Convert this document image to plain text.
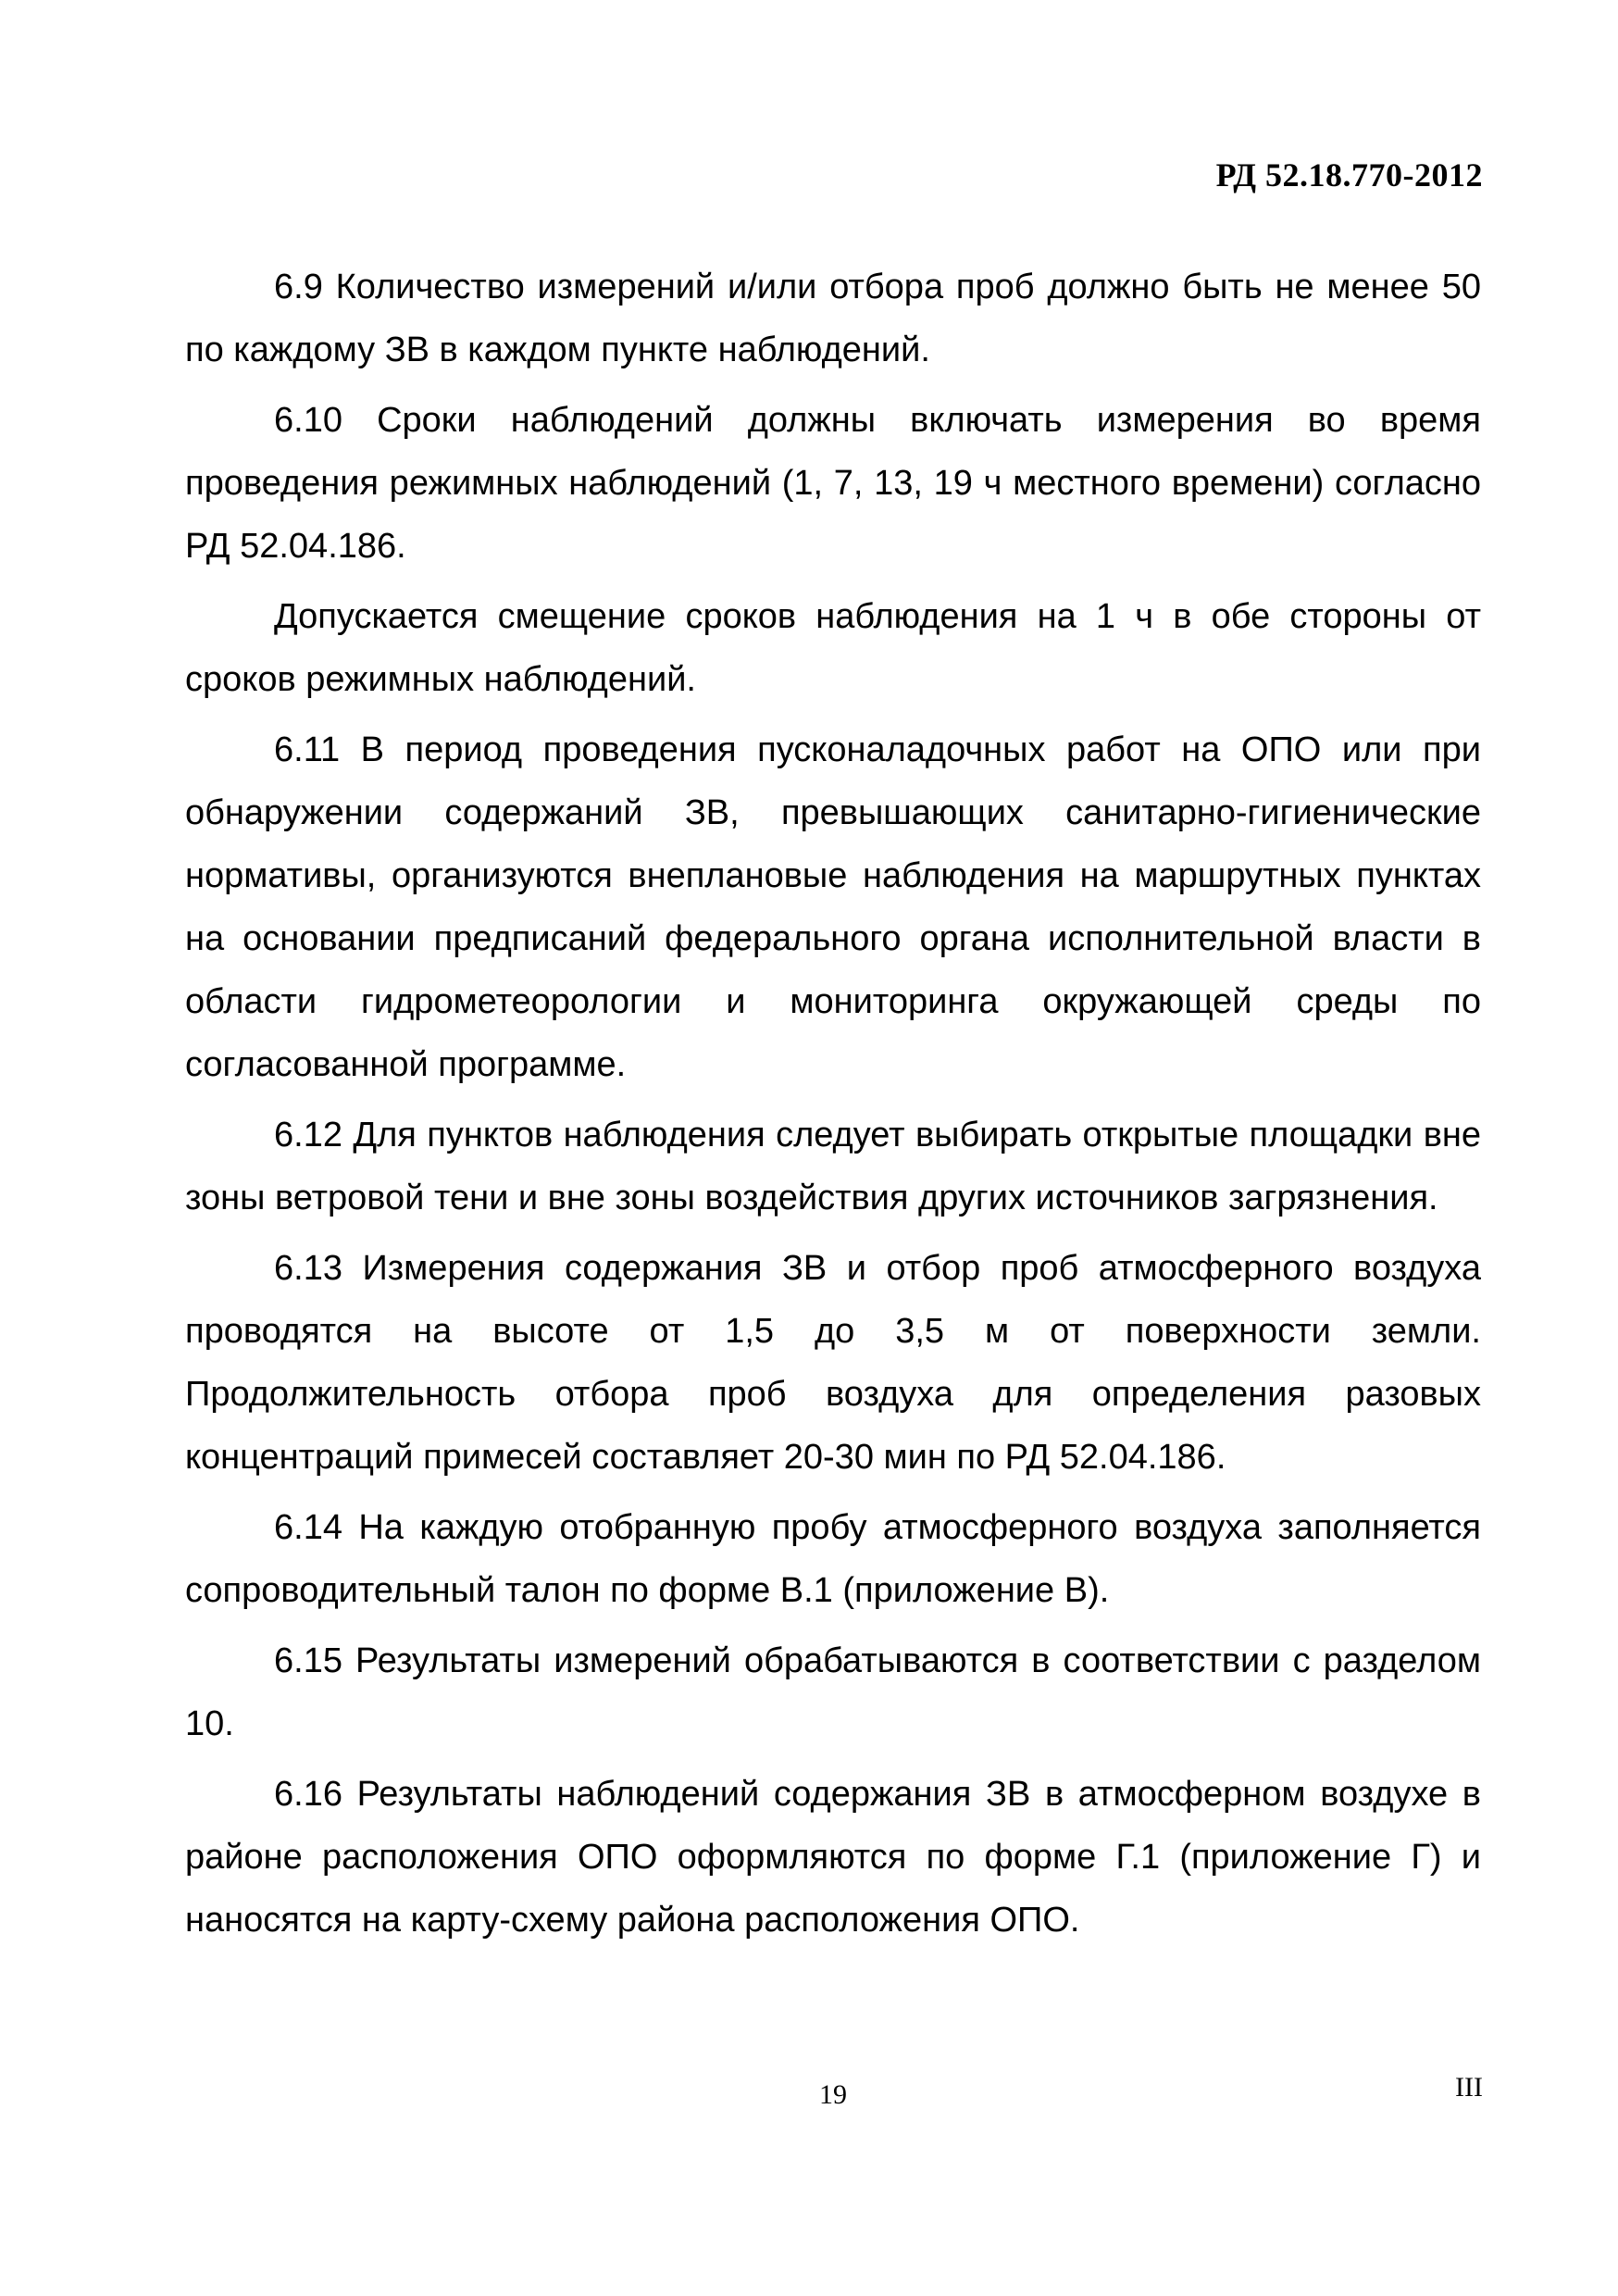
РД 52.18.770-2012

6.9 Количество измерений и/или отбора проб должно быть не менее 50 по каждому ЗВ в каждом пункте наблюдений.

6.10 Сроки наблюдений должны включать измерения во время проведения режимных наблюдений (1, 7, 13, 19 ч местного времени) согласно РД 52.04.186.

Допускается смещение сроков наблюдения на 1 ч в обе стороны от сроков режимных наблюдений.

6.11 В период проведения пусконаладочных работ на ОПО или при обнаружении содержаний ЗВ, превышающих санитарно-гигиенические нормативы, организуются внеплановые наблюдения на маршрутных пунктах на основании предписаний федерального органа исполнительной власти в области гидрометеорологии и мониторинга окружающей среды по согласованной программе.

6.12 Для пунктов наблюдения следует выбирать открытые площадки вне зоны ветровой тени и вне зоны воздействия других источников загрязнения.

6.13 Измерения содержания ЗВ и отбор проб атмосферного воздуха проводятся на высоте от 1,5 до 3,5 м от поверхности земли. Продолжительность отбора проб воздуха для определения разовых концентраций примесей составляет 20-30 мин по РД 52.04.186.

6.14 На каждую отобранную пробу атмосферного воздуха заполняется сопроводительный талон по форме В.1 (приложение В).

6.15 Результаты измерений обрабатываются в соответствии с разделом 10.

6.16 Результаты наблюдений содержания ЗВ в атмосферном воздухе в районе расположения ОПО оформляются по форме Г.1 (приложение Г) и наносятся на карту-схему района расположения ОПО.

19	III
